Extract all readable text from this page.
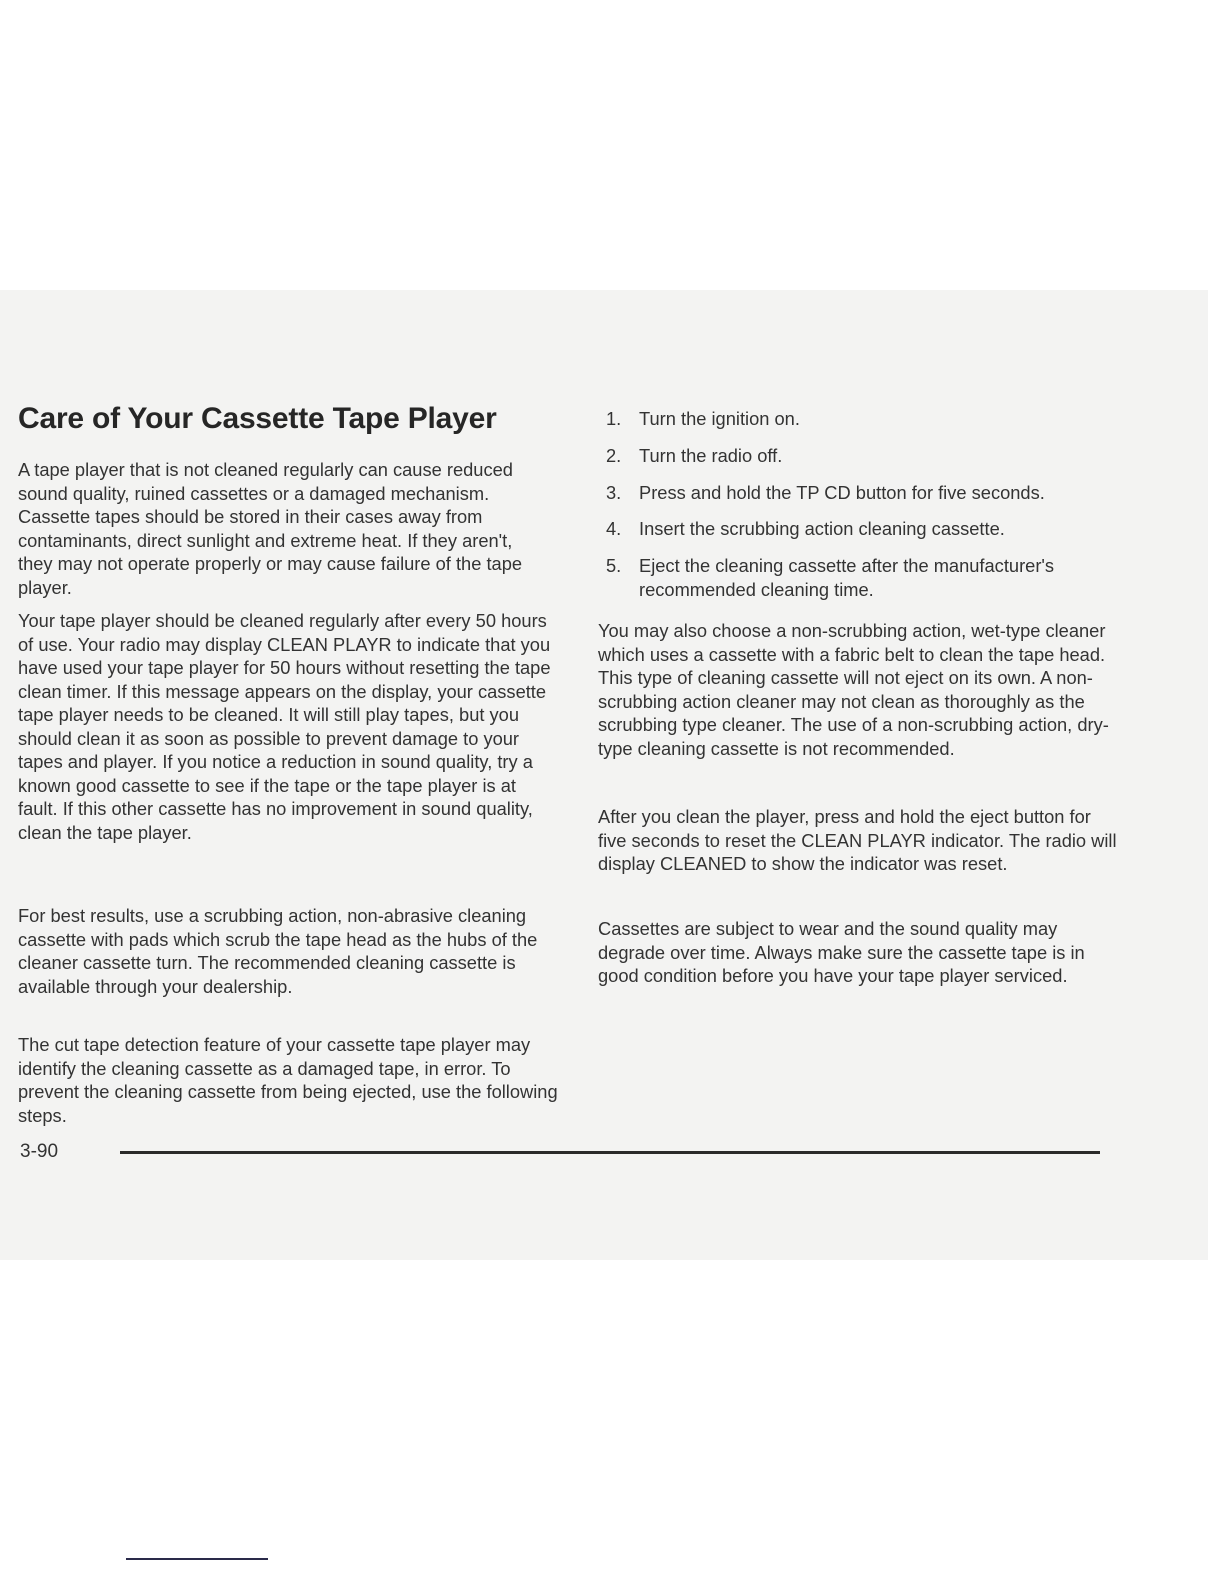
Care of Your Cassette Tape Player

A tape player that is not cleaned regularly can cause reduced sound quality, ruined cassettes or a damaged mechanism. Cassette tapes should be stored in their cases away from contaminants, direct sunlight and extreme heat. If they aren't, they may not operate properly or may cause failure of the tape player.

Your tape player should be cleaned regularly after every 50 hours of use. Your radio may display CLEAN PLAYR to indicate that you have used your tape player for 50 hours without resetting the tape clean timer. If this message appears on the display, your cassette tape player needs to be cleaned. It will still play tapes, but you should clean it as soon as possible to prevent damage to your tapes and player. If you notice a reduction in sound quality, try a known good cassette to see if the tape or the tape player is at fault. If this other cassette has no improvement in sound quality, clean the tape player.

For best results, use a scrubbing action, non-abrasive cleaning cassette with pads which scrub the tape head as the hubs of the cleaner cassette turn. The recommended cleaning cassette is available through your dealership.

The cut tape detection feature of your cassette tape player may identify the cleaning cassette as a damaged tape, in error. To prevent the cleaning cassette from being ejected, use the following steps.

1. Turn the ignition on.
2. Turn the radio off.
3. Press and hold the TP CD button for five seconds.
4. Insert the scrubbing action cleaning cassette.
5. Eject the cleaning cassette after the manufacturer's recommended cleaning time.

You may also choose a non-scrubbing action, wet-type cleaner which uses a cassette with a fabric belt to clean the tape head. This type of cleaning cassette will not eject on its own. A non-scrubbing action cleaner may not clean as thoroughly as the scrubbing type cleaner. The use of a non-scrubbing action, dry-type cleaning cassette is not recommended.

After you clean the player, press and hold the eject button for five seconds to reset the CLEAN PLAYR indicator. The radio will display CLEANED to show the indicator was reset.

Cassettes are subject to wear and the sound quality may degrade over time. Always make sure the cassette tape is in good condition before you have your tape player serviced.

3-90
